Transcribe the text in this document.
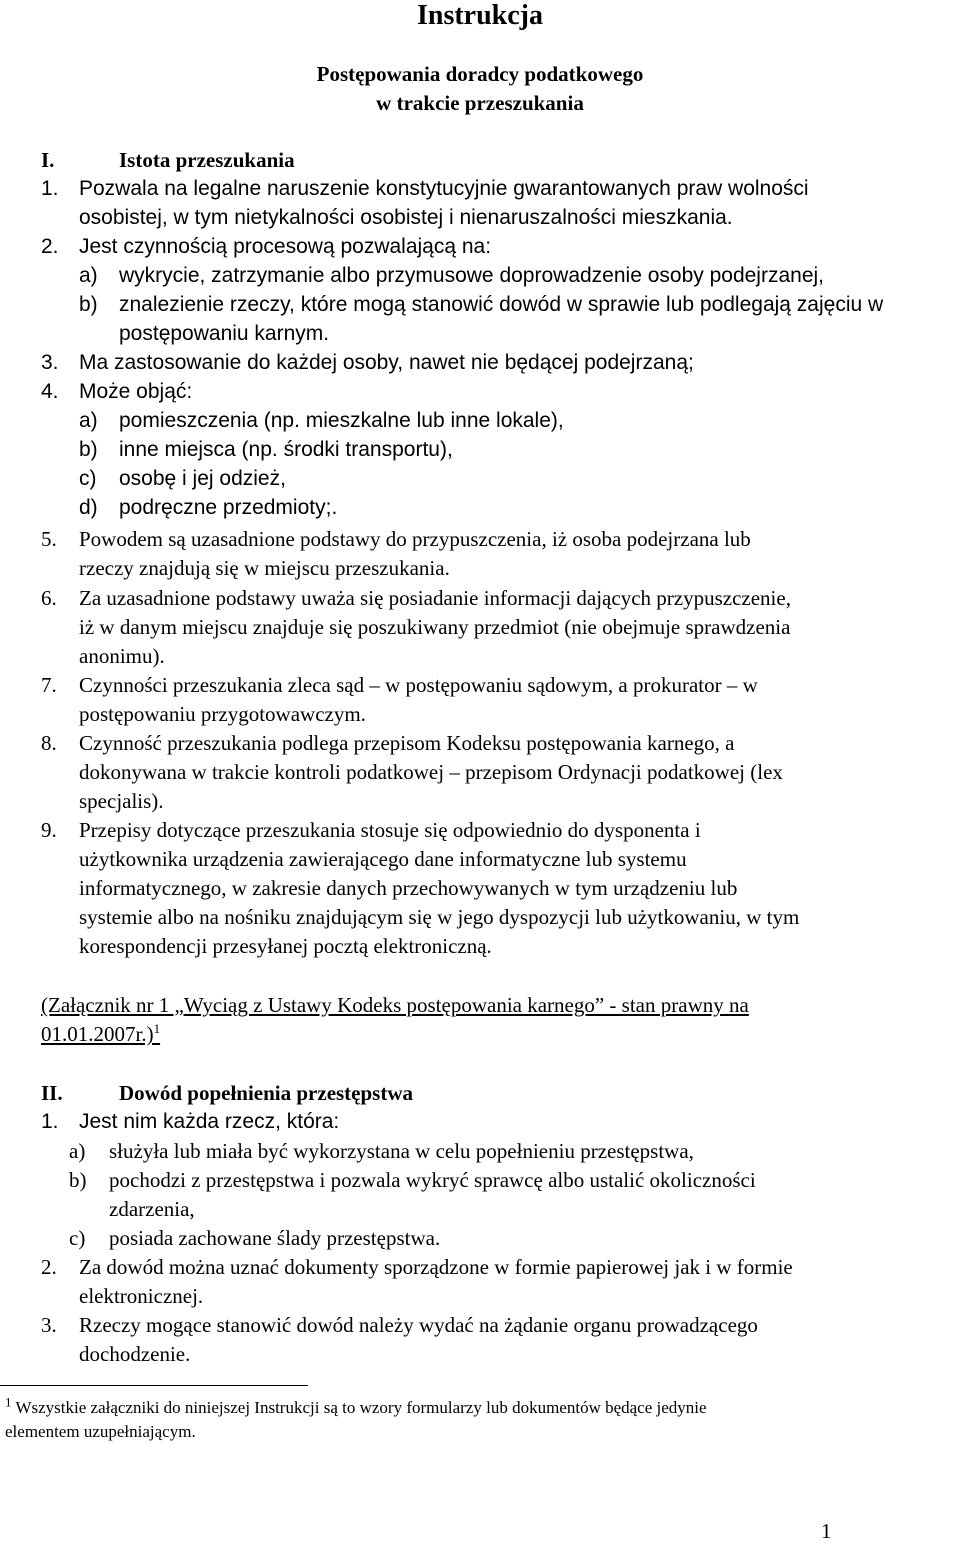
Instrukcja
Postępowania doradcy podatkowego
w trakcie przeszukania
I.	Istota przeszukania
1. Pozwala na legalne naruszenie konstytucyjnie gwarantowanych praw wolności
osobistej, w tym nietykalności osobistej i nienaruszalności mieszkania.
2. Jest czynnością procesową pozwalającą na:
a) wykrycie, zatrzymanie albo przymusowe doprowadzenie osoby podejrzanej,
b) znalezienie rzeczy, które mogą stanowić dowód w sprawie lub podlegają zajęciu w
postępowaniu karnym.
3. Ma zastosowanie do każdej osoby, nawet nie będącej podejrzaną;
4. Może objąć:
a) pomieszczenia (np. mieszkalne lub inne lokale),
b) inne miejsca (np. środki transportu),
c) osobę i jej odzież,
d) podręczne przedmioty;.
5. Powodem są uzasadnione podstawy do przypuszczenia, iż osoba podejrzana lub
rzeczy znajdują się w miejscu przeszukania.
6. Za uzasadnione podstawy uważa się posiadanie informacji dających przypuszczenie,
iż w danym miejscu znajduje się poszukiwany przedmiot (nie obejmuje sprawdzenia
anonimu).
7. Czynności przeszukania zleca sąd – w postępowaniu sądowym, a prokurator – w
postępowaniu przygotowawczym.
8. Czynność przeszukania podlega przepisom Kodeksu postępowania karnego, a
dokonywana w trakcie kontroli podatkowej – przepisom Ordynacji podatkowej (lex
specjalis).
9. Przepisy dotyczące przeszukania stosuje się odpowiednio do dysponenta i
użytkownika urządzenia zawierającego dane informatyczne lub systemu
informatycznego, w zakresie danych przechowywanych w tym urządzeniu lub
systemie albo na nośniku znajdującym się w jego dyspozycji lub użytkowaniu, w tym
korespondencji przesyłanej pocztą elektroniczną.
(Załącznik nr 1 „Wyciąg z Ustawy Kodeks postępowania karnego” - stan prawny na
01.01.2007r.)$^1$
II.	Dowód popełnienia przestępstwa
1. Jest nim każda rzecz, która:
a) służyła lub miała być wykorzystana w celu popełnieniu przestępstwa,
b) pochodzi z przestępstwa i pozwala wykryć sprawcę albo ustalić okoliczności
zdarzenia,
c) posiada zachowane ślady przestępstwa.
2. Za dowód można uznać dokumenty sporządzone w formie papierowej jak i w formie
elektronicznej.
3. Rzeczy mogące stanowić dowód należy wydać na żądanie organu prowadzącego
dochodzenie.
$^1$ Wszystkie załączniki do niniejszej Instrukcji są to wzory formularzy lub dokumentów będące jedynie
elementem uzupełniającym.
1
